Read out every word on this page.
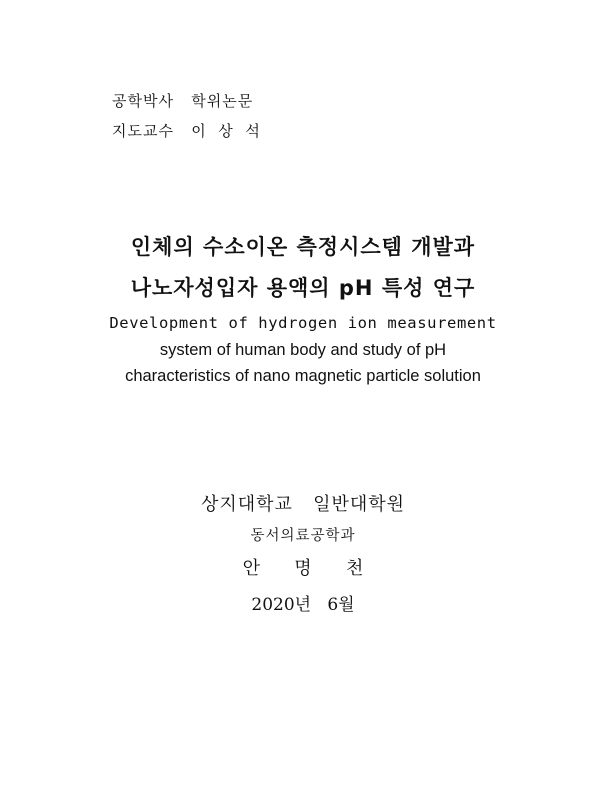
공학박사   학위논문
지도교수   이  상  석
인체의 수소이온 측정시스템 개발과
나노자성입자 용액의 pH 특성 연구
Development of hydrogen ion measurement
system of human body and study of pH
characteristics of nano magnetic particle solution
상지대학교   일반대학원
동서의료공학과
안      명      천
2020년   6월
